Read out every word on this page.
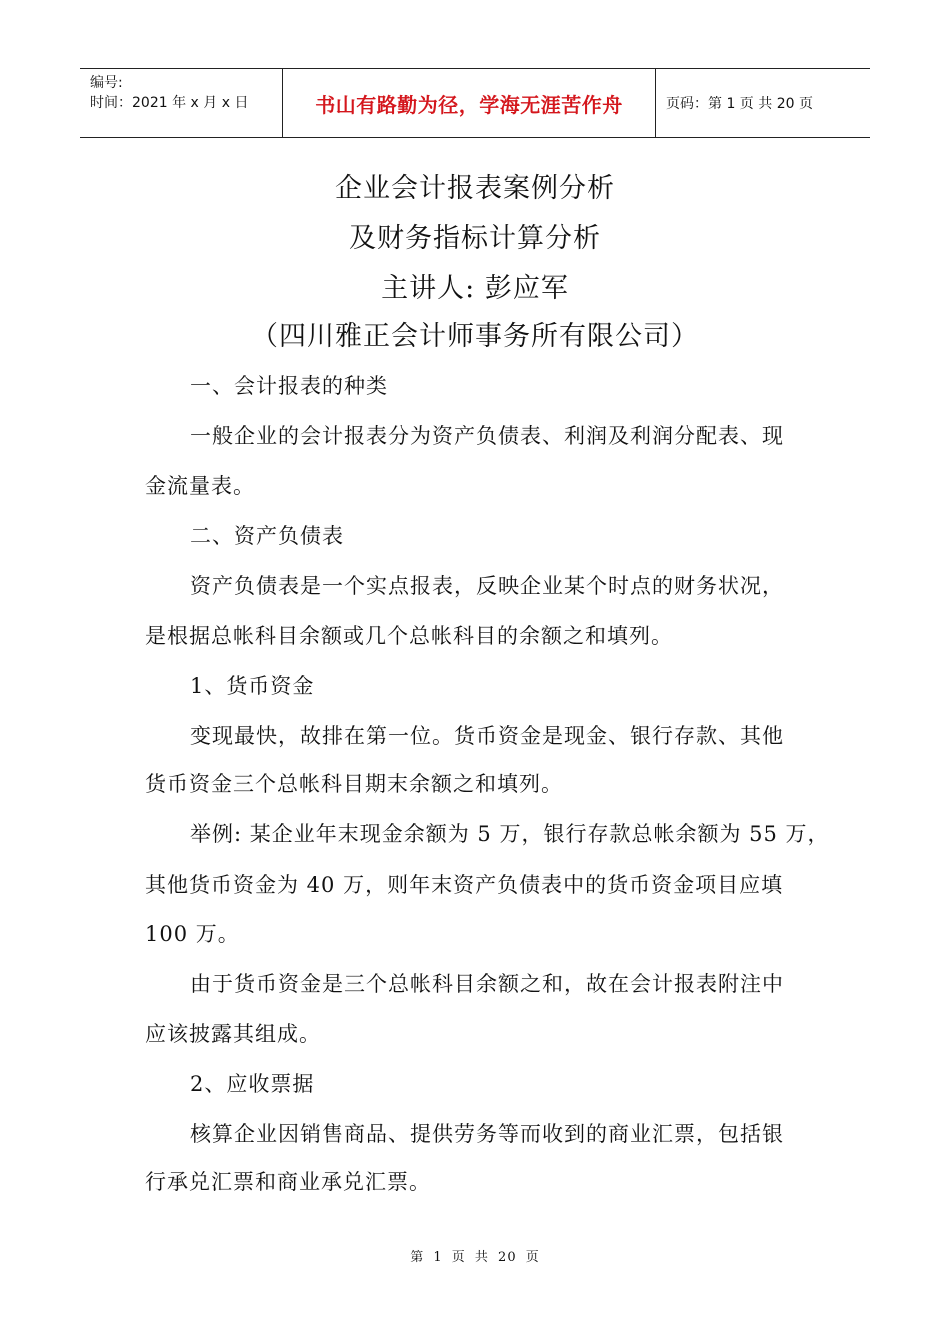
编号:
时间：2021 年 x 月 x 日	书山有路勤为径，学海无涯苦作舟	页码：第 1 页 共 20 页
企业会计报表案例分析
及财务指标计算分析
主讲人: 彭应军
（四川雅正会计师事务所有限公司）
一、会计报表的种类
一般企业的会计报表分为资产负债表、利润及利润分配表、现
金流量表。
二、资产负债表
资产负债表是一个实点报表，反映企业某个时点的财务状况，
是根据总帐科目余额或几个总帐科目的余额之和填列。
1、货币资金
变现最快，故排在第一位。货币资金是现金、银行存款、其他
货币资金三个总帐科目期末余额之和填列。
举例: 某企业年末现金余额为 5 万，银行存款总帐余额为 55 万，
其他货币资金为 40 万，则年末资产负债表中的货币资金项目应填
100 万。
由于货币资金是三个总帐科目余额之和，故在会计报表附注中
应该披露其组成。
2、应收票据
核算企业因销售商品、提供劳务等而收到的商业汇票，包括银
行承兑汇票和商业承兑汇票。
第 1 页 共 20 页
